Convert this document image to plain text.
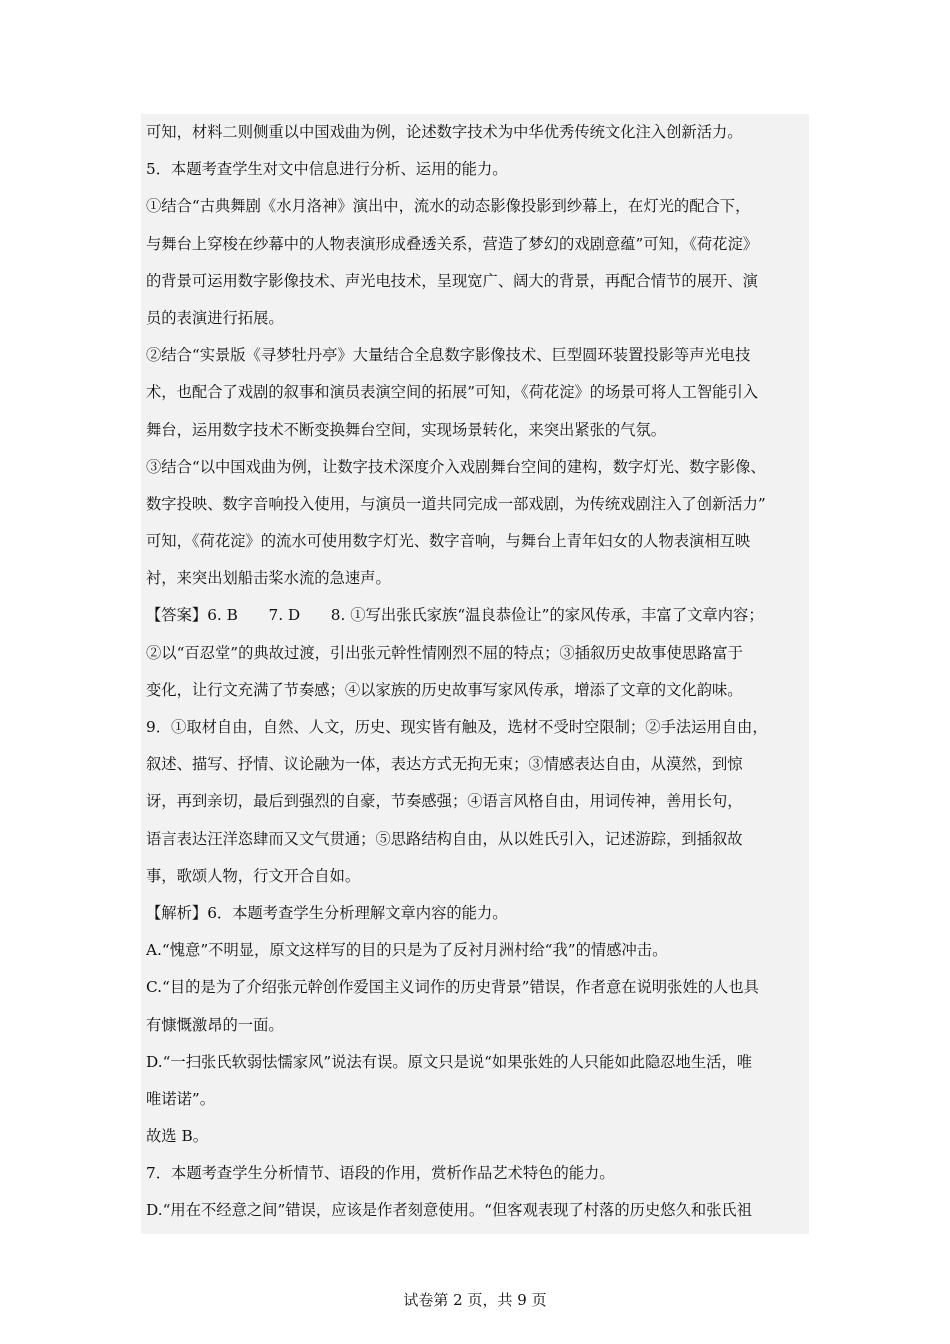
可知，材料二则侧重以中国戏曲为例，论述数字技术为中华优秀传统文化注入创新活力。
5．本题考查学生对文中信息进行分析、运用的能力。
①结合“古典舞剧《水月洛神》演出中，流水的动态影像投影到纱幕上，在灯光的配合下，
与舞台上穿梭在纱幕中的人物表演形成叠透关系，营造了梦幻的戏剧意蕴”可知，《荷花淀》
的背景可运用数字影像技术、声光电技术，呈现宽广、阔大的背景，再配合情节的展开、演
员的表演进行拓展。
②结合“实景版《寻梦牡丹亭》大量结合全息数字影像技术、巨型圆环装置投影等声光电技
术，也配合了戏剧的叙事和演员表演空间的拓展”可知，《荷花淀》的场景可将人工智能引入
舞台，运用数字技术不断变换舞台空间，实现场景转化，来突出紧张的气氛。
③结合“以中国戏曲为例，让数字技术深度介入戏剧舞台空间的建构，数字灯光、数字影像、
数字投映、数字音响投入使用，与演员一道共同完成一部戏剧，为传统戏剧注入了创新活力”
可知，《荷花淀》的流水可使用数字灯光、数字音响，与舞台上青年妇女的人物表演相互映
衬，来突出划船击桨水流的急速声。
【答案】6. B　　7. D　　8. ①写出张氏家族“温良恭俭让”的家风传承，丰富了文章内容；
②以“百忍堂”的典故过渡，引出张元幹性情刚烈不屈的特点；③插叙历史故事使思路富于
变化，让行文充满了节奏感；④以家族的历史故事写家风传承，增添了文章的文化韵味。
9．①取材自由，自然、人文，历史、现实皆有触及，选材不受时空限制；②手法运用自由，
叙述、描写、抒情、议论融为一体，表达方式无拘无束；③情感表达自由，从漠然，到惊
讶，再到亲切，最后到强烈的自豪，节奏感强；④语言风格自由，用词传神，善用长句，
语言表达汪洋恣肆而又文气贯通；⑤思路结构自由，从以姓氏引入，记述游踪，到插叙故
事，歌颂人物，行文开合自如。
【解析】6．本题考查学生分析理解文章内容的能力。
A.“愧意”不明显，原文这样写的目的只是为了反衬月洲村给“我”的情感冲击。
C.“目的是为了介绍张元幹创作爱国主义词作的历史背景”错误，作者意在说明张姓的人也具
有慷慨激昂的一面。
D.“一扫张氏软弱怯懦家风”说法有误。原文只是说“如果张姓的人只能如此隐忍地生活，唯
唯诺诺”。
故选 B。
7．本题考查学生分析情节、语段的作用，赏析作品艺术特色的能力。
D.“用在不经意之间”错误，应该是作者刻意使用。“但客观表现了村落的历史悠久和张氏祖
试卷第 2 页，共 9 页
